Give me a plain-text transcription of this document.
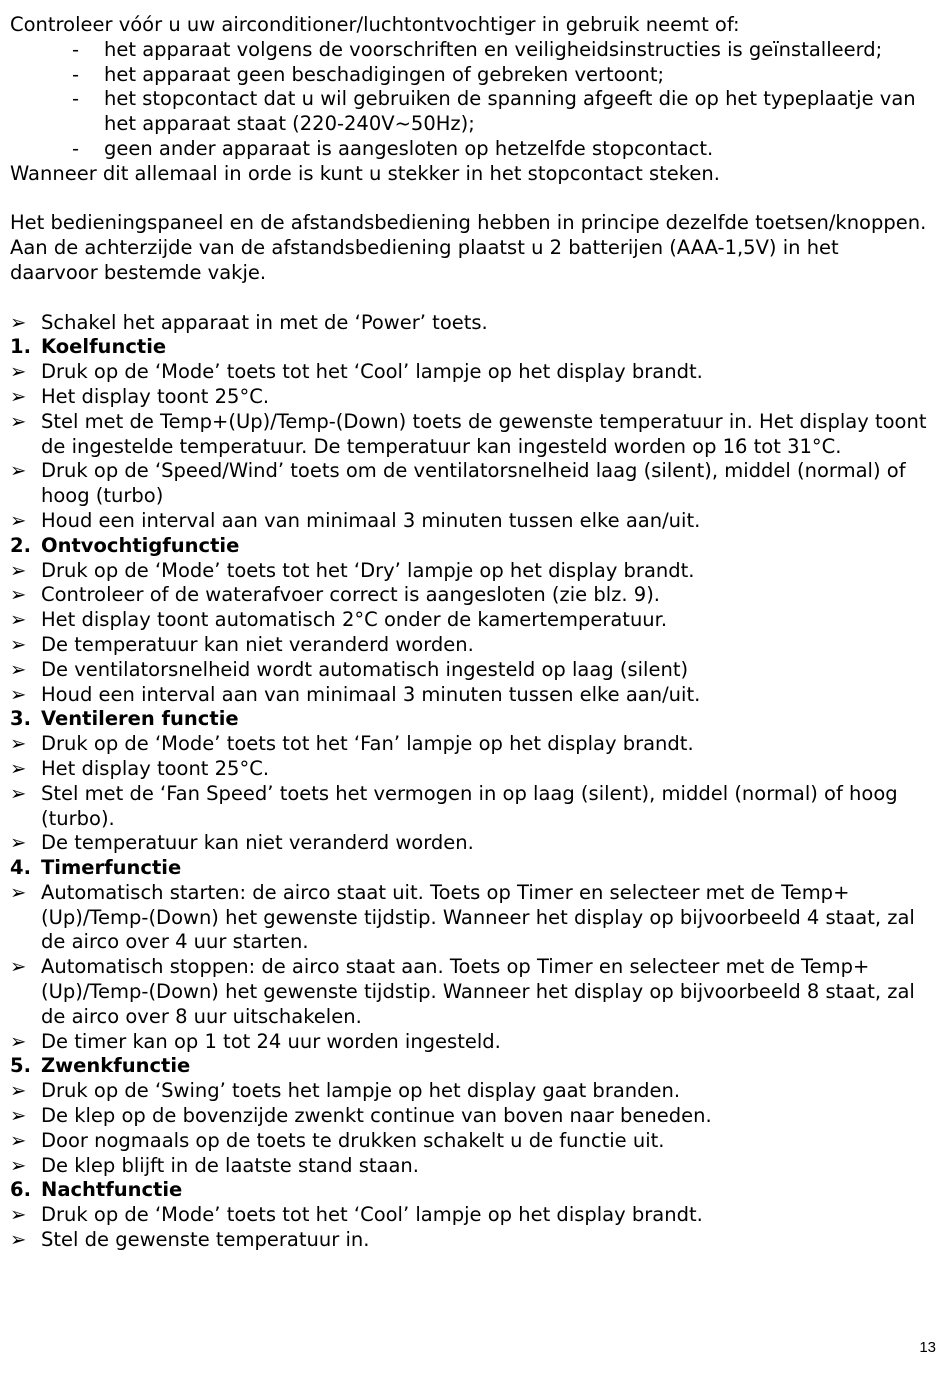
Controleer vóór u uw airconditioner/luchtontvochtiger in gebruik neemt of:

-	het apparaat volgens de voorschriften en veiligheidsinstructies is geïnstalleerd;
-	het apparaat geen beschadigingen of gebreken vertoont;
-	het stopcontact dat u wil gebruiken de spanning afgeeft die op het typeplaatje van het apparaat staat (220-240V~50Hz);
-	geen ander apparaat is aangesloten op hetzelfde stopcontact.

Wanneer dit allemaal in orde is kunt u stekker in het stopcontact steken.

Het bedieningspaneel en de afstandsbediening hebben in principe dezelfde toetsen/knoppen.

Aan de achterzijde van de afstandsbediening plaatst u 2 batterijen (AAA-1,5V) in het daarvoor bestemde vakje.

➢ Schakel het apparaat in met de ‘Power’ toets.
1. Koelfunctie
➢ Druk op de ‘Mode’ toets tot het ‘Cool’ lampje op het display brandt.
➢ Het display toont 25°C.
➢ Stel met de Temp+(Up)/Temp-(Down) toets de gewenste temperatuur in. Het display toont de ingestelde temperatuur. De temperatuur kan ingesteld worden op 16 tot 31°C.
➢ Druk op de ‘Speed/Wind’ toets om de ventilatorsnelheid laag (silent), middel (normal) of hoog (turbo)
➢ Houd een interval aan van minimaal 3 minuten tussen elke aan/uit.
2. Ontvochtigfunctie
➢ Druk op de ‘Mode’ toets tot het ‘Dry’ lampje op het display brandt.
➢ Controleer of de waterafvoer correct is aangesloten (zie blz. 9).
➢ Het display toont automatisch 2°C onder de kamertemperatuur.
➢ De temperatuur kan niet veranderd worden.
➢ De ventilatorsnelheid wordt automatisch ingesteld op laag (silent)
➢ Houd een interval aan van minimaal 3 minuten tussen elke aan/uit.
3. Ventileren functie
➢ Druk op de ‘Mode’ toets tot het ‘Fan’ lampje op het display brandt.
➢ Het display toont 25°C.
➢ Stel met de ‘Fan Speed’ toets het vermogen in op laag (silent), middel (normal) of hoog (turbo).
➢ De temperatuur kan niet veranderd worden.
4. Timerfunctie
➢ Automatisch starten: de airco staat uit. Toets op Timer en selecteer met de Temp+(Up)/Temp-(Down) het gewenste tijdstip. Wanneer het display op bijvoorbeeld 4 staat, zal de airco over 4 uur starten.
➢ Automatisch stoppen: de airco staat aan. Toets op Timer en selecteer met de Temp+(Up)/Temp-(Down) het gewenste tijdstip. Wanneer het display op bijvoorbeeld 8 staat, zal de airco over 8 uur uitschakelen.
➢ De timer kan op 1 tot 24 uur worden ingesteld.
5. Zwenkfunctie
➢ Druk op de ‘Swing’ toets het lampje op het display gaat branden.
➢ De klep op de bovenzijde zwenkt continue van boven naar beneden.
➢ Door nogmaals op de toets te drukken schakelt u de functie uit.
➢ De klep blijft in de laatste stand staan.
6. Nachtfunctie
➢ Druk op de ‘Mode’ toets tot het ‘Cool’ lampje op het display brandt.
➢ Stel de gewenste temperatuur in.
13
